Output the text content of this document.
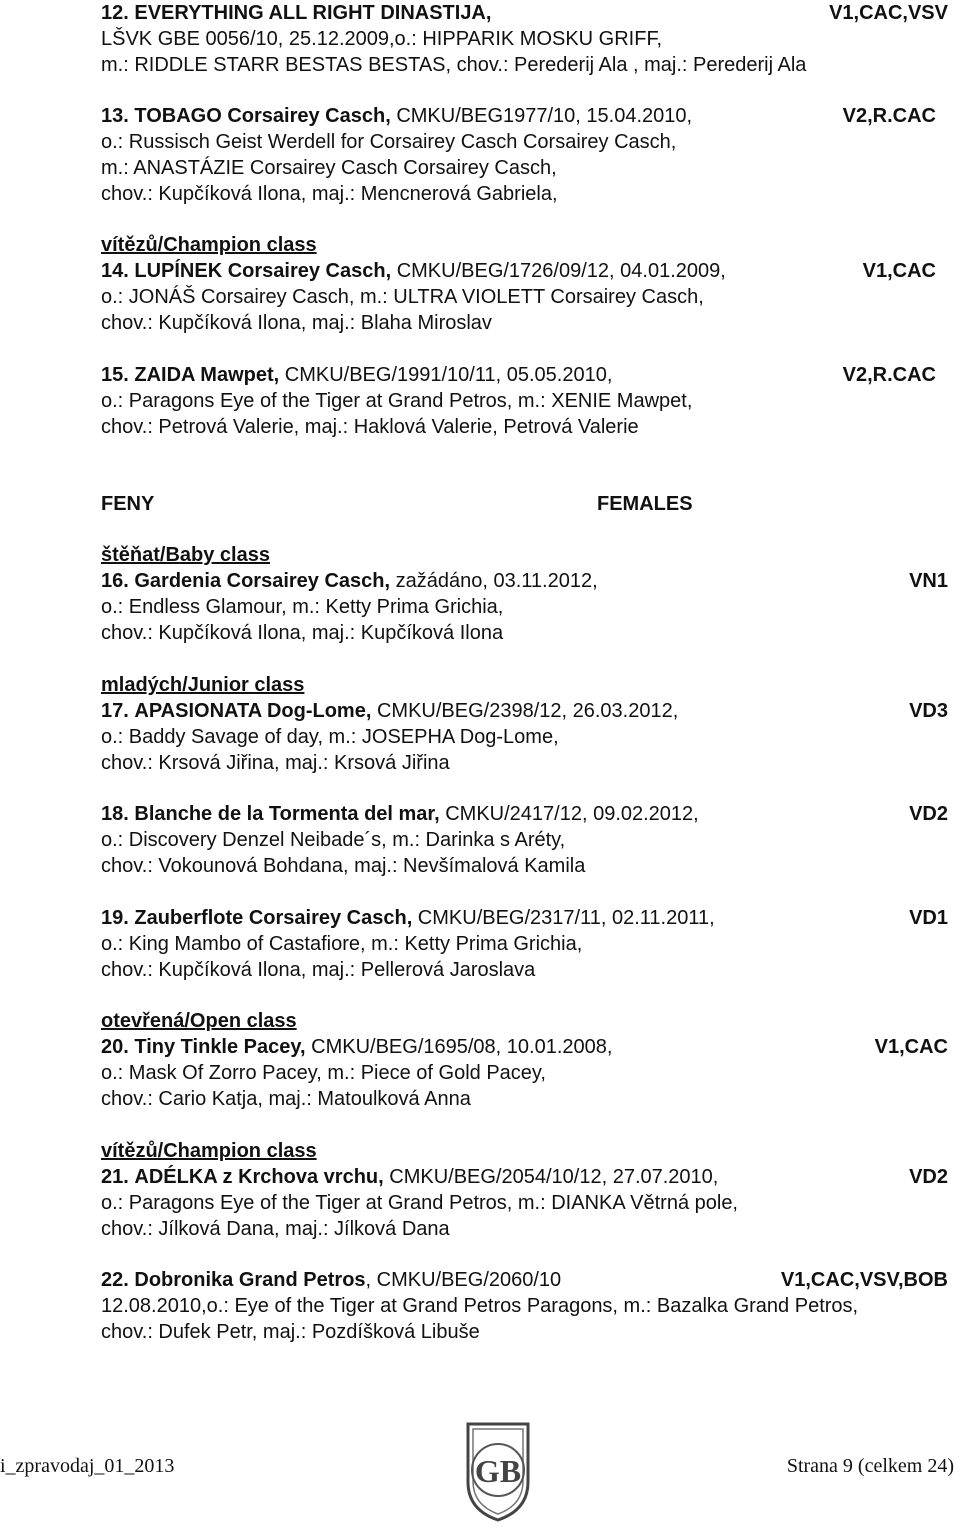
12. EVERYTHING ALL RIGHT DINASTIJA,	V1,CAC,VSV
LŠVK GBE 0056/10, 25.12.2009,o.: HIPPARIK MOSKU GRIFF,
m.: RIDDLE STARR BESTAS BESTAS, chov.: Perederij Ala , maj.: Perederij Ala
13. TOBAGO Corsairey Casch, CMKU/BEG1977/10, 15.04.2010,	V2,R.CAC
o.: Russisch Geist Werdell for Corsairey Casch Corsairey Casch,
m.: ANASTÁZIE Corsairey Casch Corsairey Casch,
chov.: Kupčíková Ilona, maj.: Mencnerová Gabriela,
vítězů/Champion class
14. LUPÍNEK Corsairey Casch, CMKU/BEG/1726/09/12, 04.01.2009,	V1,CAC
o.: JONÁŠ Corsairey Casch, m.: ULTRA VIOLETT Corsairey Casch,
chov.: Kupčíková Ilona, maj.: Blaha Miroslav
15. ZAIDA Mawpet, CMKU/BEG/1991/10/11, 05.05.2010,	V2,R.CAC
o.: Paragons Eye of the Tiger at Grand Petros, m.: XENIE Mawpet,
chov.: Petrová Valerie, maj.: Haklová Valerie, Petrová Valerie
FENY	FEMALES
štěňat/Baby class
16. Gardenia Corsairey Casch, zažádáno, 03.11.2012,	VN1
o.: Endless Glamour, m.: Ketty Prima Grichia,
chov.: Kupčíková Ilona, maj.: Kupčíková Ilona
mladých/Junior class
17. APASIONATA Dog-Lome, CMKU/BEG/2398/12, 26.03.2012,	VD3
o.: Baddy Savage of day, m.: JOSEPHA Dog-Lome,
chov.: Krsová Jiřina, maj.: Krsová Jiřina
18. Blanche de la Tormenta del mar, CMKU/2417/12, 09.02.2012,	VD2
o.: Discovery Denzel Neibade´s, m.: Darinka s Aréty,
chov.: Vokounová Bohdana, maj.: Nevšímalová Kamila
19. Zauberflote Corsairey Casch, CMKU/BEG/2317/11, 02.11.2011,	VD1
o.: King Mambo of Castafiore, m.: Ketty Prima Grichia,
chov.: Kupčíková Ilona, maj.: Pellerová Jaroslava
otevřená/Open class
20. Tiny Tinkle Pacey, CMKU/BEG/1695/08, 10.01.2008,	V1,CAC
o.: Mask Of Zorro Pacey, m.: Piece of Gold Pacey,
chov.: Cario Katja, maj.: Matoulková Anna
vítězů/Champion class
21. ADÉLKA z Krchova vrchu, CMKU/BEG/2054/10/12, 27.07.2010,	VD2
o.: Paragons Eye of the Tiger at Grand Petros, m.: DIANKA Větrná pole,
chov.: Jílková Dana, maj.: Jílková Dana
22. Dobronika Grand Petros, CMKU/BEG/2060/10	V1,CAC,VSV,BOB
12.08.2010,o.: Eye of the Tiger at Grand Petros Paragons, m.: Bazalka Grand Petros,
chov.: Dufek Petr, maj.: Pozdíšková Libuše
i_zpravodaj_01_2013	Strana 9 (celkem 24)
GB
